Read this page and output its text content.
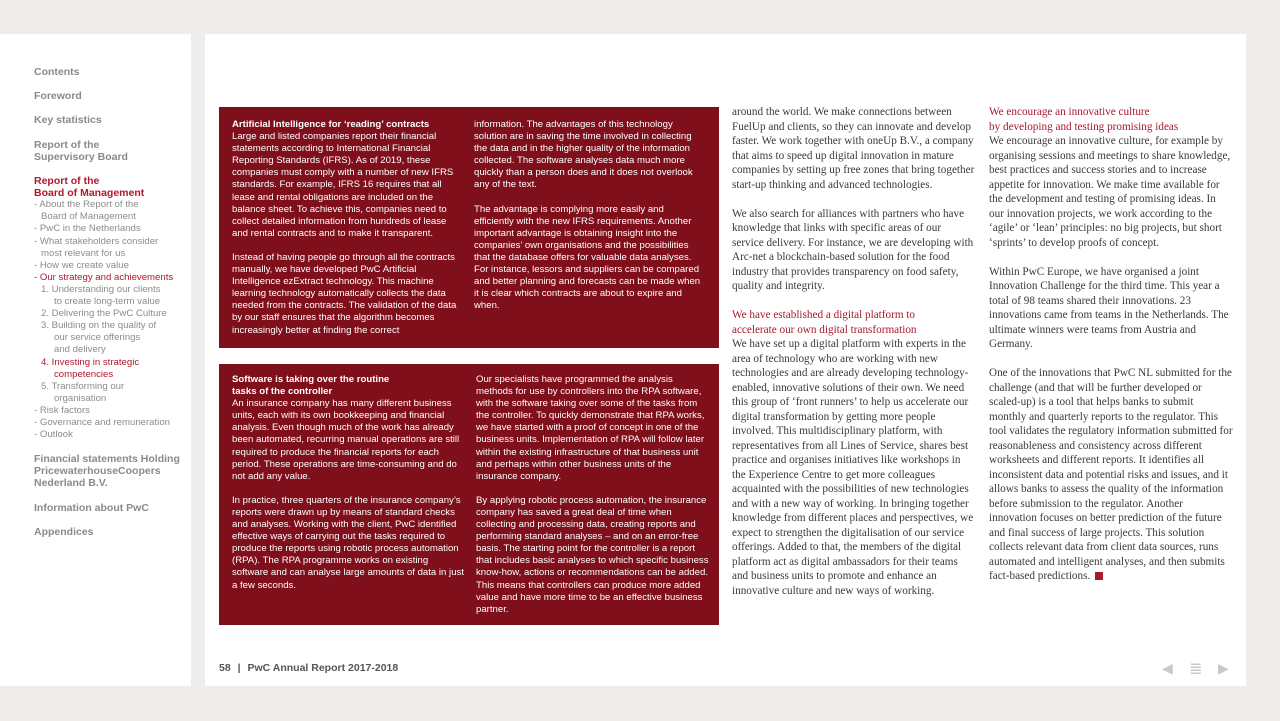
Contents
Foreword
Key statistics
Report of the
Supervisory Board
Report of the
Board of Management
- About the Report of the
Board of Management
- PwC in the Netherlands
- What stakeholders consider
most relevant for us
- How we create value
- Our strategy and achievements
1. Understanding our clients
to create long-term value
2. Delivering the PwC Culture
3. Building on the quality of
our service offerings
and delivery
4. Investing in strategic
competencies
5. Transforming our
organisation
- Risk factors
- Governance and remuneration
- Outlook
Financial statements Holding
PricewaterhouseCoopers
Nederland B.V.
Information about PwC
Appendices
Artificial Intelligence for ‘reading’ contracts

Large and listed companies report their financial statements according to International Financial Reporting Standards (IFRS). As of 2019, these companies must comply with a number of new IFRS standards. For example, IFRS 16 requires that all lease and rental obligations are included on the balance sheet. To achieve this, companies need to collect detailed information from hundreds of lease and rental contracts and to make it transparent.

Instead of having people go through all the contracts manually, we have developed PwC Artificial Intelligence ezExtract technology. This machine learning technology automatically collects the data needed from the contracts. The validation of the data by our staff ensures that the algorithm becomes increasingly better at finding the correct

information. The advantages of this technology solution are in saving the time involved in collecting the data and in the higher quality of the information collected. The software analyses data much more quickly than a person does and it does not overlook any of the text.

The advantage is complying more easily and efficiently with the new IFRS requirements. Another important advantage is obtaining insight into the companies’ own organisations and the possibilities that the database offers for valuable data analyses. For instance, lessors and suppliers can be compared and better planning and forecasts can be made when it is clear which contracts are about to expire and when.

Software is taking over the routine
tasks of the controller

An insurance company has many different business units, each with its own bookkeeping and financial analysis. Even though much of the work has already been automated, recurring manual operations are still required to produce the financial reports for each period. These operations are time-consuming and do not add any value.

In practice, three quarters of the insurance company’s reports were drawn up by means of standard checks and analyses. Working with the client, PwC identified effective ways of carrying out the tasks required to produce the reports using robotic process automation (RPA). The RPA programme works on existing software and can analyse large amounts of data in just a few seconds.

Our specialists have programmed the analysis methods for use by controllers into the RPA software, with the software taking over some of the tasks from the controller. To quickly demonstrate that RPA works, we have started with a proof of concept in one of the business units. Implementation of RPA will follow later within the existing infrastructure of that business unit and perhaps within other business units of the insurance company.

By applying robotic process automation, the insurance company has saved a great deal of time when collecting and processing data, creating reports and performing standard analyses – and on an error-free basis. The starting point for the controller is a report that includes basic analyses to which specific business know-how, actions or recommendations can be added. This means that controllers can produce more added value and have more time to be an effective business partner.

around the world. We make connections between FuelUp and clients, so they can innovate and develop faster. We work together with oneUp B.V., a company that aims to speed up digital innovation in mature companies by setting up free zones that bring together start-up thinking and advanced technologies.

We also search for alliances with partners who have knowledge that links with specific areas of our service delivery. For instance, we are developing with Arc-net a blockchain-based solution for the food industry that provides transparency on food safety, quality and integrity.

We have established a digital platform to
accelerate our own digital transformation

We have set up a digital platform with experts in the area of technology who are working with new technologies and are already developing technology-enabled, innovative solutions of their own. We need this group of ‘front runners’ to help us accelerate our digital transformation by getting more people involved. This multidisciplinary platform, with representatives from all Lines of Service, shares best practice and organises initiatives like workshops in the Experience Centre to get more colleagues acquainted with the possibilities of new technologies and with a new way of working. In bringing together knowledge from different places and perspectives, we expect to strengthen the digitalisation of our service offerings. Added to that, the members of the digital platform act as digital ambassadors for their teams and business units to promote and enhance an innovative culture and new ways of working.

We encourage an innovative culture
by developing and testing promising ideas

We encourage an innovative culture, for example by organising sessions and meetings to share knowledge, best practices and success stories and to increase appetite for innovation. We make time available for the development and testing of promising ideas. In our innovation projects, we work according to the ‘agile’ or ‘lean’ principles: no big projects, but short ‘sprints’ to develop proofs of concept.

Within PwC Europe, we have organised a joint Innovation Challenge for the third time. This year a total of 98 teams shared their innovations. 23 innovations came from teams in the Netherlands. The ultimate winners were teams from Austria and Germany.

One of the innovations that PwC NL submitted for the challenge (and that will be further developed or scaled-up) is a tool that helps banks to submit monthly and quarterly reports to the regulator. This tool validates the regulatory information submitted for reasonableness and consistency across different worksheets and different reports. It identifies all inconsistent data and potential risks and issues, and it allows banks to assess the quality of the information before submission to the regulator. Another innovation focuses on better prediction of the future and final success of large projects. This solution collects relevant data from client data sources, runs automated and intelligent analyses, and then submits fact-based predictions.

58 | PwC Annual Report 2017-2018	◀ ≣ ▶
